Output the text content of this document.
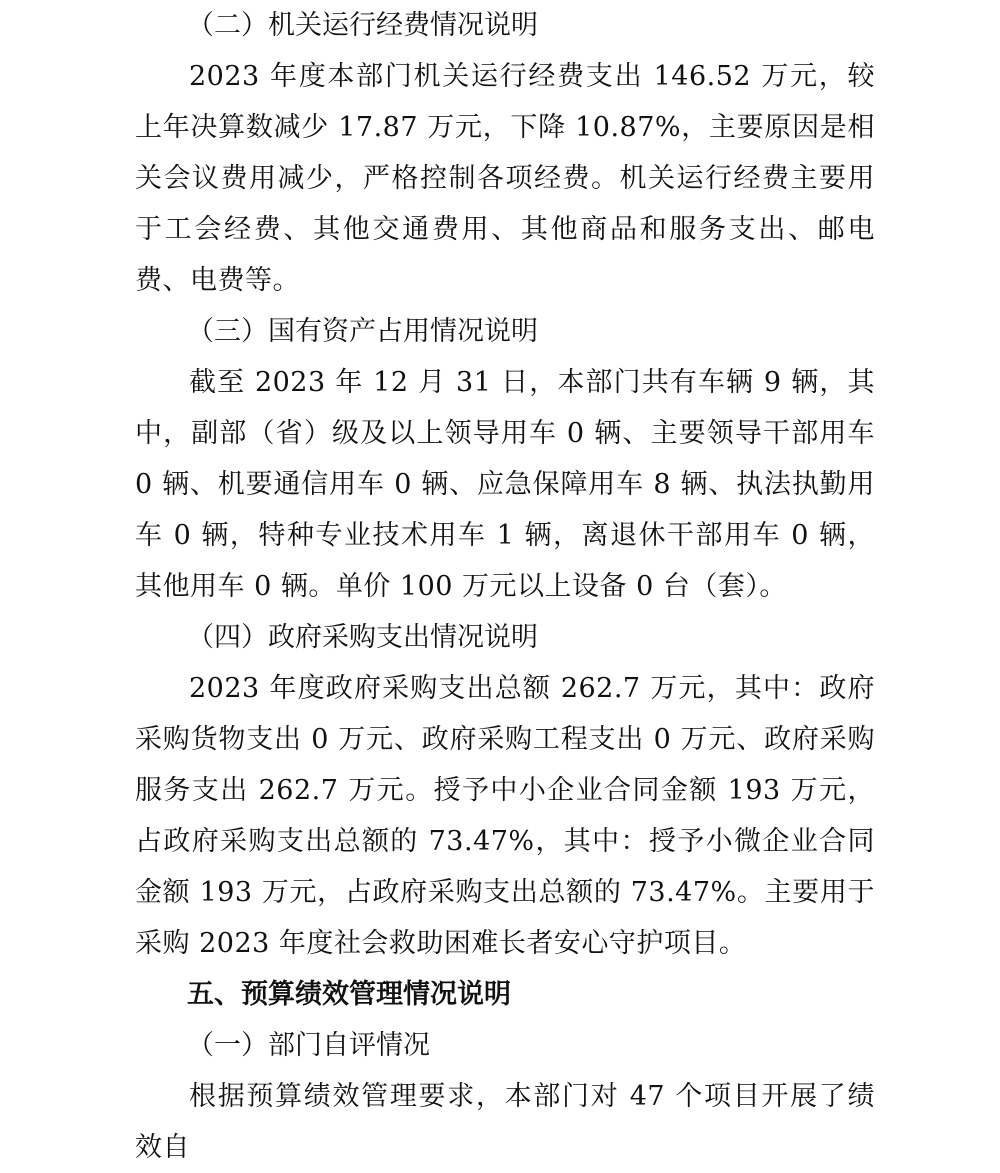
（二）机关运行经费情况说明

2023 年度本部门机关运行经费支出 146.52 万元，较上年决算数减少 17.87 万元，下降 10.87%，主要原因是相关会议费用减少，严格控制各项经费。机关运行经费主要用于工会经费、其他交通费用、其他商品和服务支出、邮电费、电费等。

（三）国有资产占用情况说明

截至 2023 年 12 月 31 日，本部门共有车辆 9 辆，其中，副部（省）级及以上领导用车 0 辆、主要领导干部用车 0 辆、机要通信用车 0 辆、应急保障用车 8 辆、执法执勤用车 0 辆，特种专业技术用车 1 辆，离退休干部用车 0 辆，其他用车 0 辆。单价 100 万元以上设备 0 台（套）。

（四）政府采购支出情况说明

2023 年度政府采购支出总额 262.7 万元，其中：政府采购货物支出 0 万元、政府采购工程支出 0 万元、政府采购服务支出 262.7 万元。授予中小企业合同金额 193 万元，占政府采购支出总额的 73.47%，其中：授予小微企业合同金额 193 万元，占政府采购支出总额的 73.47%。主要用于采购 2023 年度社会救助困难长者安心守护项目。

五、预算绩效管理情况说明
（一）部门自评情况

根据预算绩效管理要求，本部门对 47 个项目开展了绩效自
